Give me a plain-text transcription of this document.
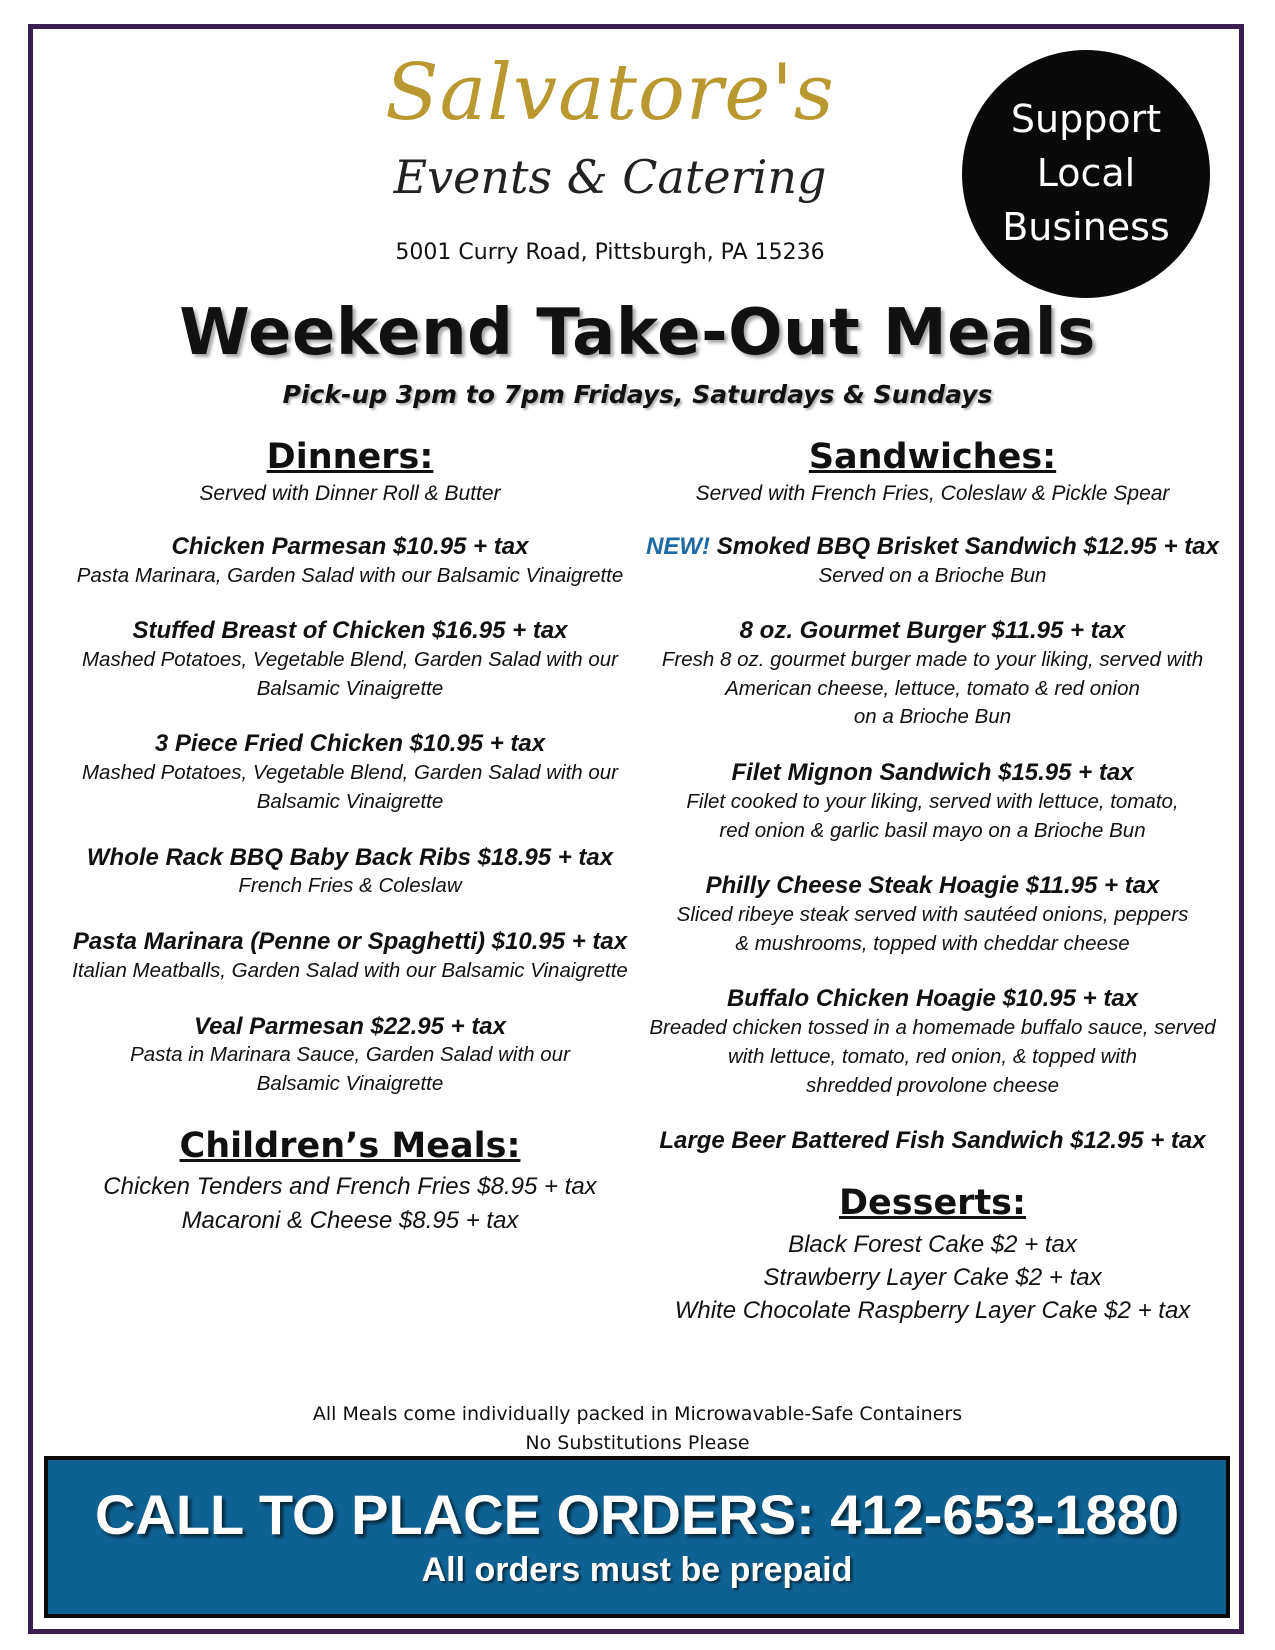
Salvatore's
Events & Catering
5001 Curry Road, Pittsburgh, PA 15236
Support
Local
Business
Weekend Take-Out Meals
Pick-up 3pm to 7pm Fridays, Saturdays & Sundays
Dinners:
Served with Dinner Roll & Butter
Chicken Parmesan $10.95 + tax
Pasta Marinara, Garden Salad with our Balsamic Vinaigrette
Stuffed Breast of Chicken $16.95 + tax
Mashed Potatoes, Vegetable Blend, Garden Salad with our
Balsamic Vinaigrette
3 Piece Fried Chicken $10.95 + tax
Mashed Potatoes, Vegetable Blend, Garden Salad with our
Balsamic Vinaigrette
Whole Rack BBQ Baby Back Ribs $18.95 + tax
French Fries & Coleslaw
Pasta Marinara (Penne or Spaghetti) $10.95 + tax
Italian Meatballs, Garden Salad with our Balsamic Vinaigrette
Veal Parmesan $22.95 + tax
Pasta in Marinara Sauce, Garden Salad with our
Balsamic Vinaigrette
Children’s Meals:
Chicken Tenders and French Fries $8.95 + tax
Macaroni & Cheese $8.95 + tax
Sandwiches:
Served with French Fries, Coleslaw & Pickle Spear
NEW! Smoked BBQ Brisket Sandwich $12.95 + tax
Served on a Brioche Bun
8 oz. Gourmet Burger $11.95 + tax
Fresh 8 oz. gourmet burger made to your liking, served with
American cheese, lettuce, tomato & red onion
on a Brioche Bun
Filet Mignon Sandwich $15.95 + tax
Filet cooked to your liking, served with lettuce, tomato,
red onion & garlic basil mayo on a Brioche Bun
Philly Cheese Steak Hoagie $11.95 + tax
Sliced ribeye steak served with sautéed onions, peppers
& mushrooms, topped with cheddar cheese
Buffalo Chicken Hoagie $10.95 + tax
Breaded chicken tossed in a homemade buffalo sauce, served
with lettuce, tomato, red onion, & topped with
shredded provolone cheese
Large Beer Battered Fish Sandwich $12.95 + tax
Desserts:
Black Forest Cake $2 + tax
Strawberry Layer Cake $2 + tax
White Chocolate Raspberry Layer Cake $2 + tax
All Meals come individually packed in Microwavable-Safe Containers
No Substitutions Please
CALL TO PLACE ORDERS: 412-653-1880
All orders must be prepaid
